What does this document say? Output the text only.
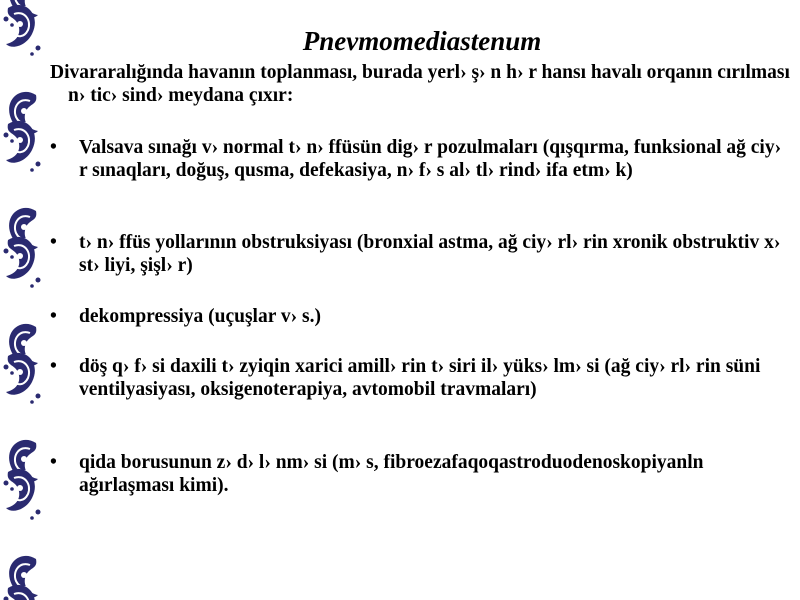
Pnevmomediastenum
Divararalığında havanın toplanması, burada yerl› ş› n h› r hansı havalı orqanın cırılması n› tic› sind› meydana çıxır:
• Valsava sınağı v› normal t› n› ffüsün dig› r pozulmaları (qışqırma, funksional ağ ciy› r sınaqları, doğuş, qusma, defekasiya, n› f› s al› tl› rind› ifa etm› k)
• t› n› ffüs yollarının obstruksiyası (bronxial astma, ağ ciy› rl› rin xronik obstruktiv x› st› liyi, şişl› r)
• dekompressiya (uçuşlar v› s.)
• döş q› f› si daxili t› zyiqin xarici amill› rin t› siri il› yüks› lm› si (ağ ciy› rl› rin süni ventilyasiyası, oksigenoterapiya, avtomobil travmaları)
• qida borusunun z› d› l› nm› si (m› s, fibroezafaqoqastroduodenoskopiyanln ağırlaşması kimi).
